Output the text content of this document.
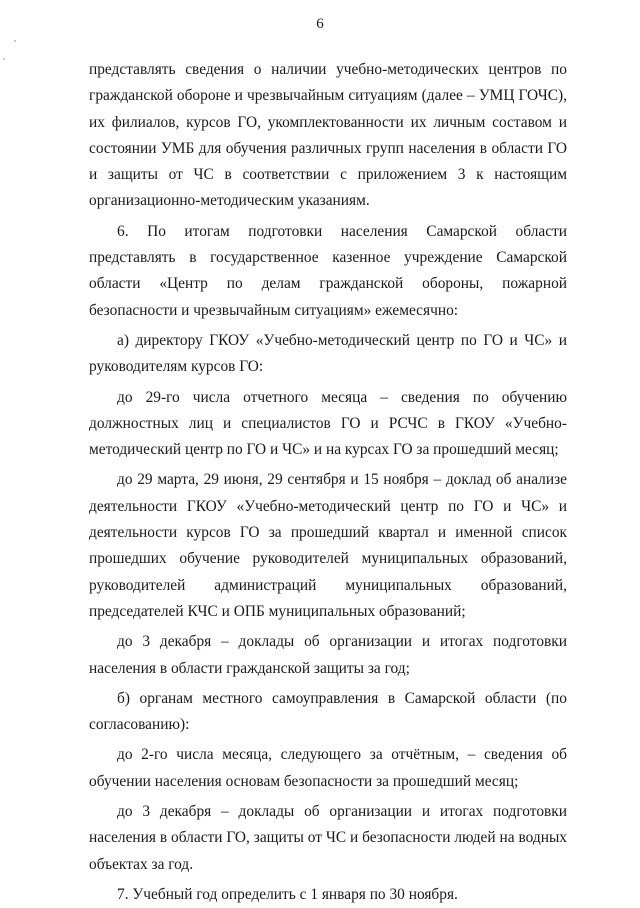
6

представлять сведения о наличии учебно-методических центров по гражданской обороне и чрезвычайным ситуациям (далее – УМЦ ГОЧС), их филиалов, курсов ГО, укомплектованности их личным составом и состоянии УМБ для обучения различных групп населения в области ГО и защиты от ЧС в соответствии с приложением 3 к настоящим организационно-методическим указаниям.

6. По итогам подготовки населения Самарской области представлять в государственное казенное учреждение Самарской области «Центр по делам гражданской обороны, пожарной безопасности и чрезвычайным ситуациям» ежемесячно:

а) директору ГКОУ «Учебно-методический центр по ГО и ЧС» и руководителям курсов ГО:

до 29-го числа отчетного месяца – сведения по обучению должностных лиц и специалистов ГО и РСЧС в ГКОУ «Учебно-методический центр по ГО и ЧС» и на курсах ГО за прошедший месяц;

до 29 марта, 29 июня, 29 сентября и 15 ноября – доклад об анализе деятельности ГКОУ «Учебно-методический центр по ГО и ЧС» и деятельности курсов ГО за прошедший квартал и именной список прошедших обучение руководителей муниципальных образований, руководителей администраций муниципальных образований, председателей КЧС и ОПБ муниципальных образований;

до 3 декабря – доклады об организации и итогах подготовки населения в области гражданской защиты за год;

б) органам местного самоуправления в Самарской области (по согласованию):

до 2-го числа месяца, следующего за отчётным, – сведения об обучении населения основам безопасности за прошедший месяц;

до 3 декабря – доклады об организации и итогах подготовки населения в области ГО, защиты от ЧС и безопасности людей на водных объектах за год.

7. Учебный год определить с 1 января по 30 ноября.
